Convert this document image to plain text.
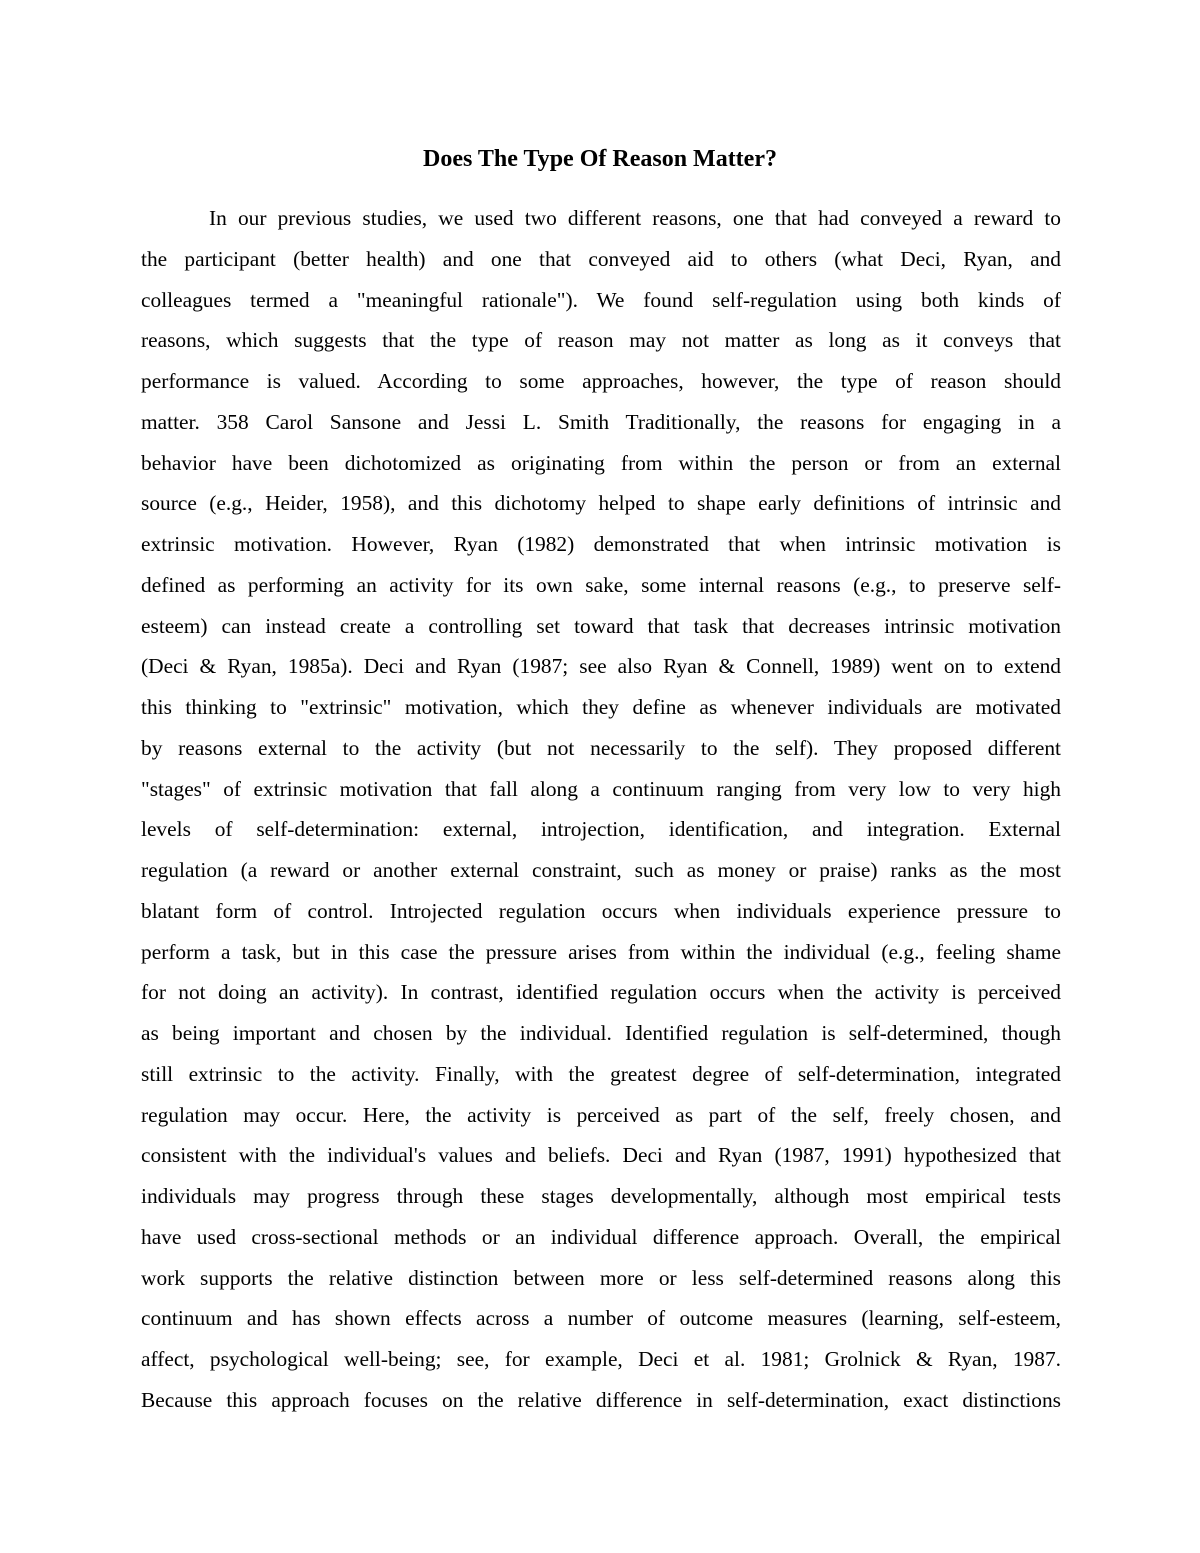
Does The Type Of Reason Matter?
In our previous studies, we used two different reasons, one that had conveyed a reward to
the participant (better health) and one that conveyed aid to others (what Deci, Ryan, and
colleagues termed a "meaningful rationale"). We found self-regulation using both kinds of
reasons, which suggests that the type of reason may not matter as long as it conveys that
performance is valued. According to some approaches, however, the type of reason should
matter. 358 Carol Sansone and Jessi L. Smith Traditionally, the reasons for engaging in a
behavior have been dichotomized as originating from within the person or from an external
source (e.g., Heider, 1958), and this dichotomy helped to shape early definitions of intrinsic and
extrinsic motivation. However, Ryan (1982) demonstrated that when intrinsic motivation is
defined as performing an activity for its own sake, some internal reasons (e.g., to preserve self-
esteem) can instead create a controlling set toward that task that decreases intrinsic motivation
(Deci & Ryan, 1985a). Deci and Ryan (1987; see also Ryan & Connell, 1989) went on to extend
this thinking to "extrinsic" motivation, which they define as whenever individuals are motivated
by reasons external to the activity (but not necessarily to the self). They proposed different
"stages" of extrinsic motivation that fall along a continuum ranging from very low to very high
levels of self-determination: external, introjection, identification, and integration. External
regulation (a reward or another external constraint, such as money or praise) ranks as the most
blatant form of control. Introjected regulation occurs when individuals experience pressure to
perform a task, but in this case the pressure arises from within the individual (e.g., feeling shame
for not doing an activity). In contrast, identified regulation occurs when the activity is perceived
as being important and chosen by the individual. Identified regulation is self-determined, though
still extrinsic to the activity. Finally, with the greatest degree of self-determination, integrated
regulation may occur. Here, the activity is perceived as part of the self, freely chosen, and
consistent with the individual's values and beliefs. Deci and Ryan (1987, 1991) hypothesized that
individuals may progress through these stages developmentally, although most empirical tests
have used cross-sectional methods or an individual difference approach. Overall, the empirical
work supports the relative distinction between more or less self-determined reasons along this
continuum and has shown effects across a number of outcome measures (learning, self-esteem,
affect, psychological well-being; see, for example, Deci et al. 1981; Grolnick & Ryan, 1987.
Because this approach focuses on the relative difference in self-determination, exact distinctions
